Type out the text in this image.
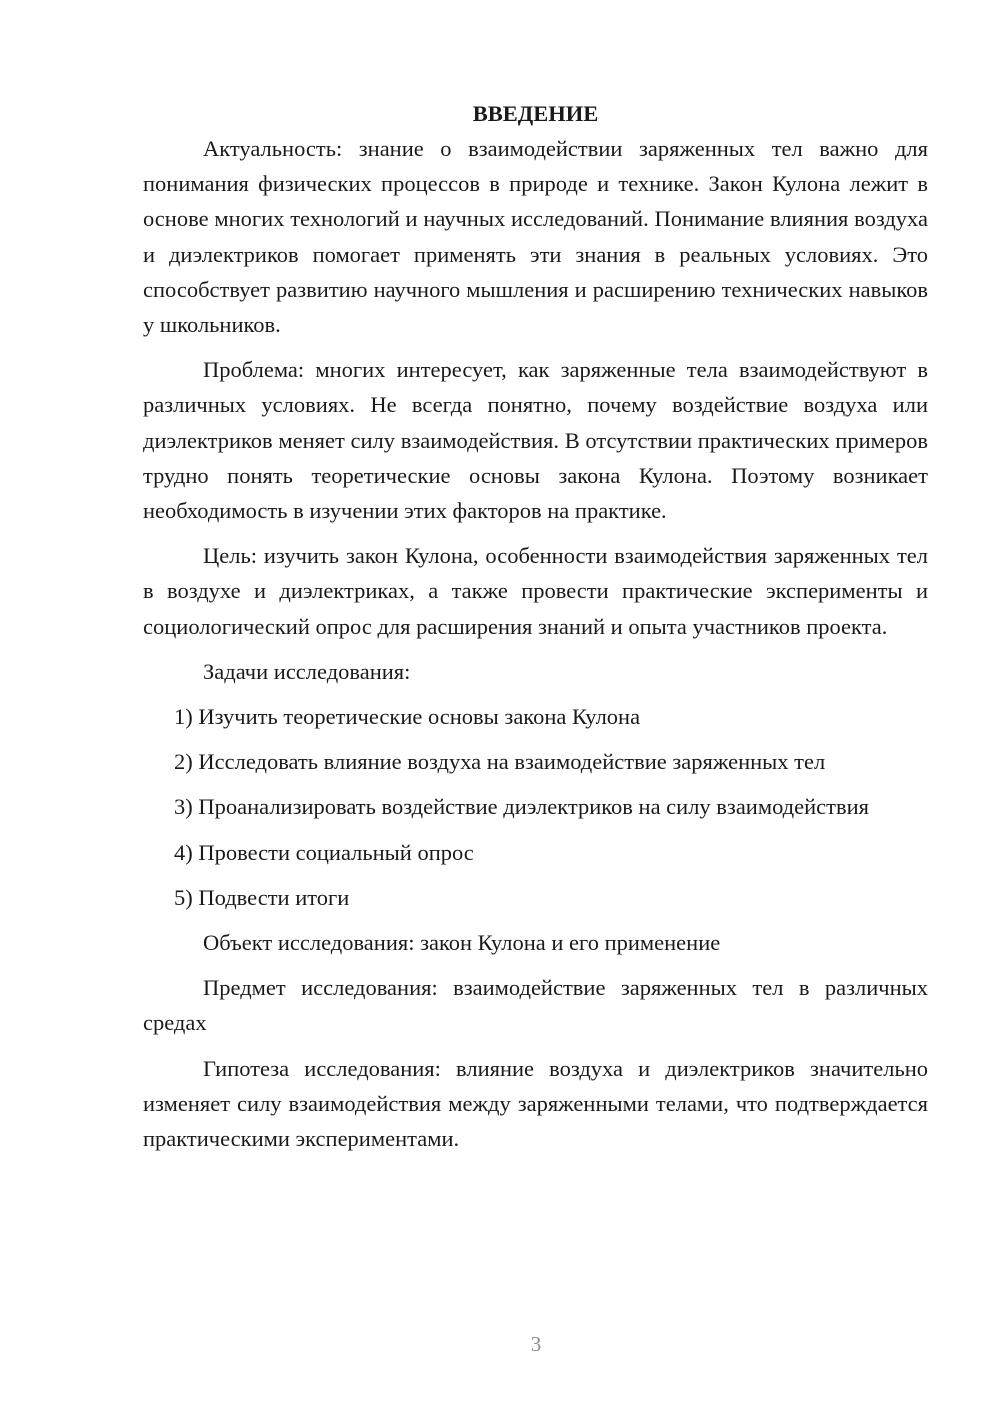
ВВЕДЕНИЕ

Актуальность: знание о взаимодействии заряженных тел важно для понимания физических процессов в природе и технике. Закон Кулона лежит в основе многих технологий и научных исследований. Понимание влияния воздуха и диэлектриков помогает применять эти знания в реальных условиях. Это способствует развитию научного мышления и расширению технических навыков у школьников.

Проблема: многих интересует, как заряженные тела взаимодействуют в различных условиях. Не всегда понятно, почему воздействие воздуха или диэлектриков меняет силу взаимодействия. В отсутствии практических примеров трудно понять теоретические основы закона Кулона. Поэтому возникает необходимость в изучении этих факторов на практике.

Цель: изучить закон Кулона, особенности взаимодействия заряженных тел в воздухе и диэлектриках, а также провести практические эксперименты и социологический опрос для расширения знаний и опыта участников проекта.

Задачи исследования:

1) Изучить теоретические основы закона Кулона

2) Исследовать влияние воздуха на взаимодействие заряженных тел

3) Проанализировать воздействие диэлектриков на силу взаимодействия

4) Провести социальный опрос

5) Подвести итоги

Объект исследования: закон Кулона и его применение

Предмет исследования: взаимодействие заряженных тел в различных средах

Гипотеза исследования: влияние воздуха и диэлектриков значительно изменяет силу взаимодействия между заряженными телами, что подтверждается практическими экспериментами.

3
